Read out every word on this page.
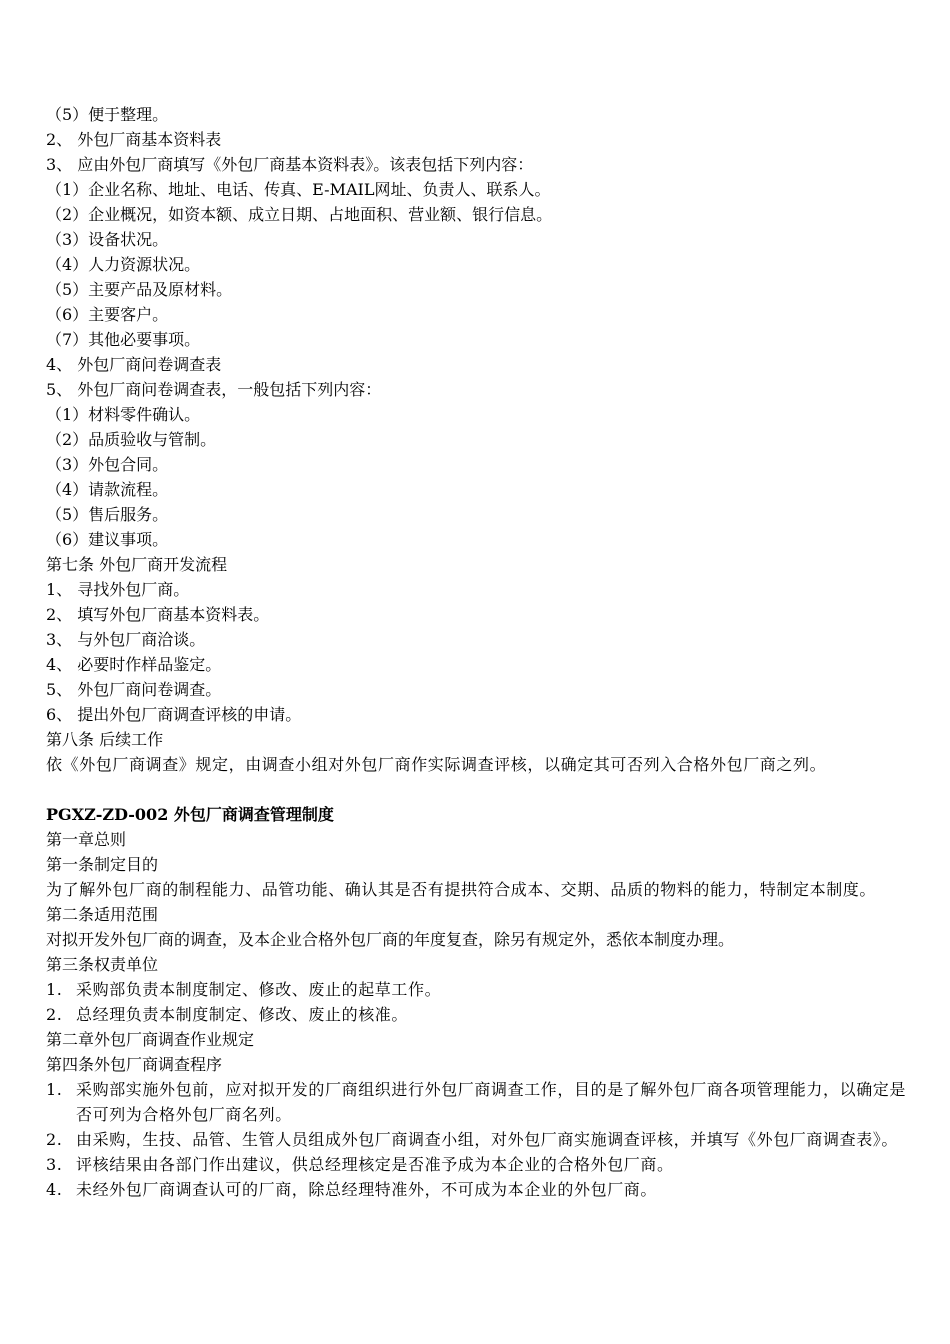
（5）便于整理。
2、 外包厂商基本资料表
3、 应由外包厂商填写《外包厂商基本资料表》。该表包括下列内容：
（1）企业名称、地址、电话、传真、E-MAIL网址、负责人、联系人。
（2）企业概况，如资本额、成立日期、占地面积、营业额、银行信息。
（3）设备状况。
（4）人力资源状况。
（5）主要产品及原材料。
（6）主要客户。
（7）其他必要事项。
4、 外包厂商问卷调查表
5、 外包厂商问卷调查表，一般包括下列内容：
（1）材料零件确认。
（2）品质验收与管制。
（3）外包合同。
（4）请款流程。
（5）售后服务。
（6）建议事项。
第七条 外包厂商开发流程
1、 寻找外包厂商。
2、 填写外包厂商基本资料表。
3、 与外包厂商洽谈。
4、 必要时作样品鉴定。
5、 外包厂商问卷调查。
6、 提出外包厂商调查评核的申请。
第八条 后续工作
依《外包厂商调查》规定，由调查小组对外包厂商作实际调查评核，以确定其可否列入合格外包厂商之列。
PGXZ-ZD-002 外包厂商调查管理制度
第一章总则
第一条制定目的
为了解外包厂商的制程能力、品管功能、确认其是否有提拱符合成本、交期、品质的物料的能力，特制定本制度。
第二条适用范围
对拟开发外包厂商的调查，及本企业合格外包厂商的年度复查，除另有规定外，悉依本制度办理。
第三条权责单位
1. 采购部负责本制度制定、修改、废止的起草工作。
2. 总经理负责本制度制定、修改、废止的核准。
第二章外包厂商调查作业规定
第四条外包厂商调查程序
1. 采购部实施外包前，应对拟开发的厂商组织进行外包厂商调查工作，目的是了解外包厂商各项管理能力，以确定是否可列为合格外包厂商名列。
2. 由采购，生技、品管、生管人员组成外包厂商调查小组，对外包厂商实施调查评核，并填写《外包厂商调查表》。
3. 评核结果由各部门作出建议，供总经理核定是否准予成为本企业的合格外包厂商。
4. 未经外包厂商调查认可的厂商，除总经理特准外，不可成为本企业的外包厂商。
